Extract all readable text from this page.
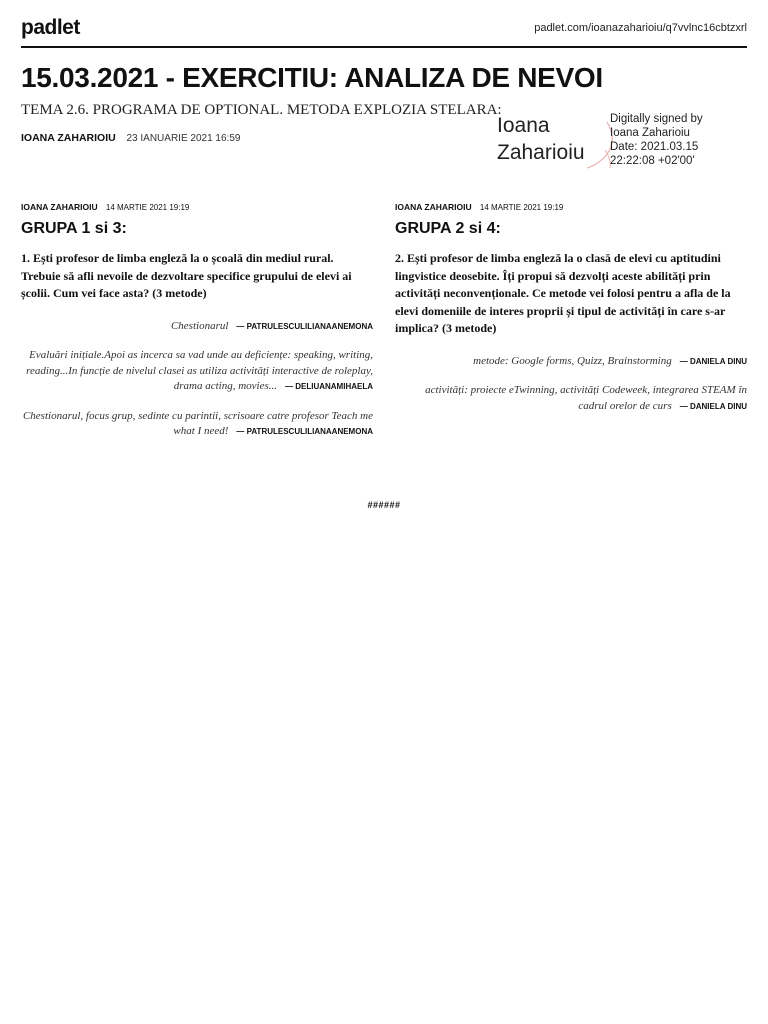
padlet	padlet.com/ioanazaharioiu/q7vvlnc16cbtzxrl
15.03.2021 - EXERCITIU: ANALIZA DE NEVOI
TEMA 2.6. PROGRAMA DE OPTIONAL. METODA EXPLOZIA STELARA:
IOANA ZAHARIOIU 23 IANUARIE 2021 16:59
Ioana
Zaharioiu
Digitally signed by
Ioana Zaharioiu
Date: 2021.03.15
22:22:08 +02'00'
IOANA ZAHARIOIU 14 MARTIE 2021 19:19
GRUPA 1 si 3:
1. Ești profesor de limba engleză la o școală din mediul rural. Trebuie să afli nevoile de dezvoltare specifice grupului de elevi ai școlii. Cum vei face asta? (3 metode)
Chestionarul — PATRULESCULILIANAANEMONA
Evaluări inițiale.Apoi as incerca sa vad unde au deficiențe: speaking, writing, reading...In funcție de nivelul clasei as utiliza activități interactive de roleplay, drama acting, movies... — DELIUANAMIHAELA
Chestionarul, focus grup, sedinte cu parintii, scrisoare catre profesor Teach me what I need! — PATRULESCULILIANAANEMONA
IOANA ZAHARIOIU 14 MARTIE 2021 19:19
GRUPA 2 si 4:
2. Ești profesor de limba engleză la o clasă de elevi cu aptitudini lingvistice deosebite. Îți propui să dezvolți aceste abilități prin activități neconvenționale. Ce metode vei folosi pentru a afla de la elevi domeniile de interes proprii și tipul de activități în care s-ar implica? (3 metode)
metode: Google forms, Quizz, Brainstorming — DANIELA DINU
activități: proiecte eTwinning, activități Codeweek, integrarea STEAM în cadrul orelor de curs — DANIELA DINU
######
